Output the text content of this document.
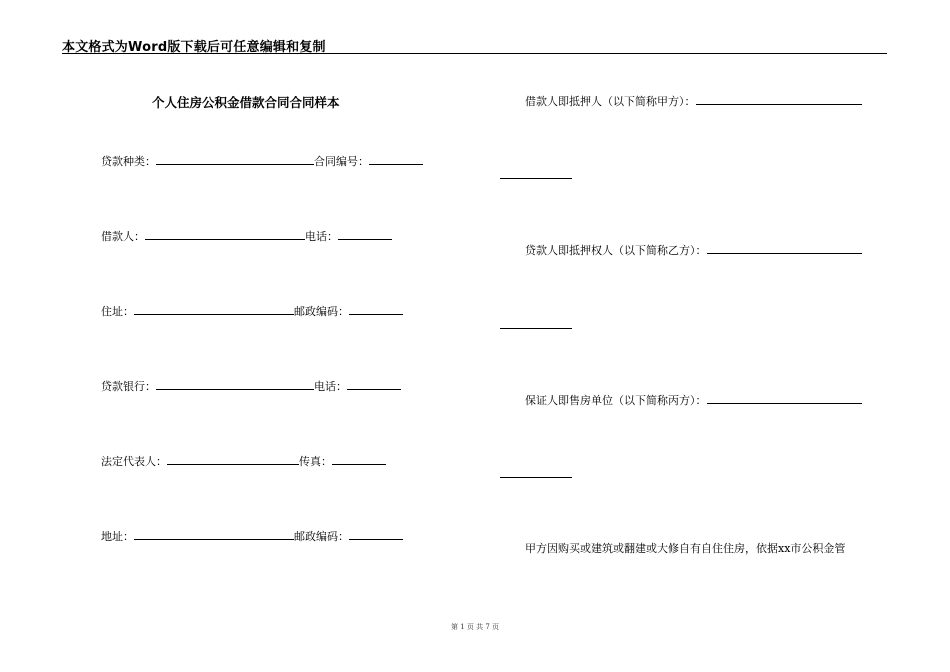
本文格式为Word版下载后可任意编辑和复制
个人住房公积金借款合同合同样本
贷款种类：	合同编号：
借款人：	电话：
住址：	邮政编码：
贷款银行：	电话：
法定代表人：	传真：
地址：	邮政编码：
借款人即抵押人（以下简称甲方）：
贷款人即抵押权人（以下简称乙方）：
保证人即售房单位（以下简称丙方）：
甲方因购买或建筑或翻建或大修自有自住住房，依据xx市公积金管
第 1 页 共 7 页
